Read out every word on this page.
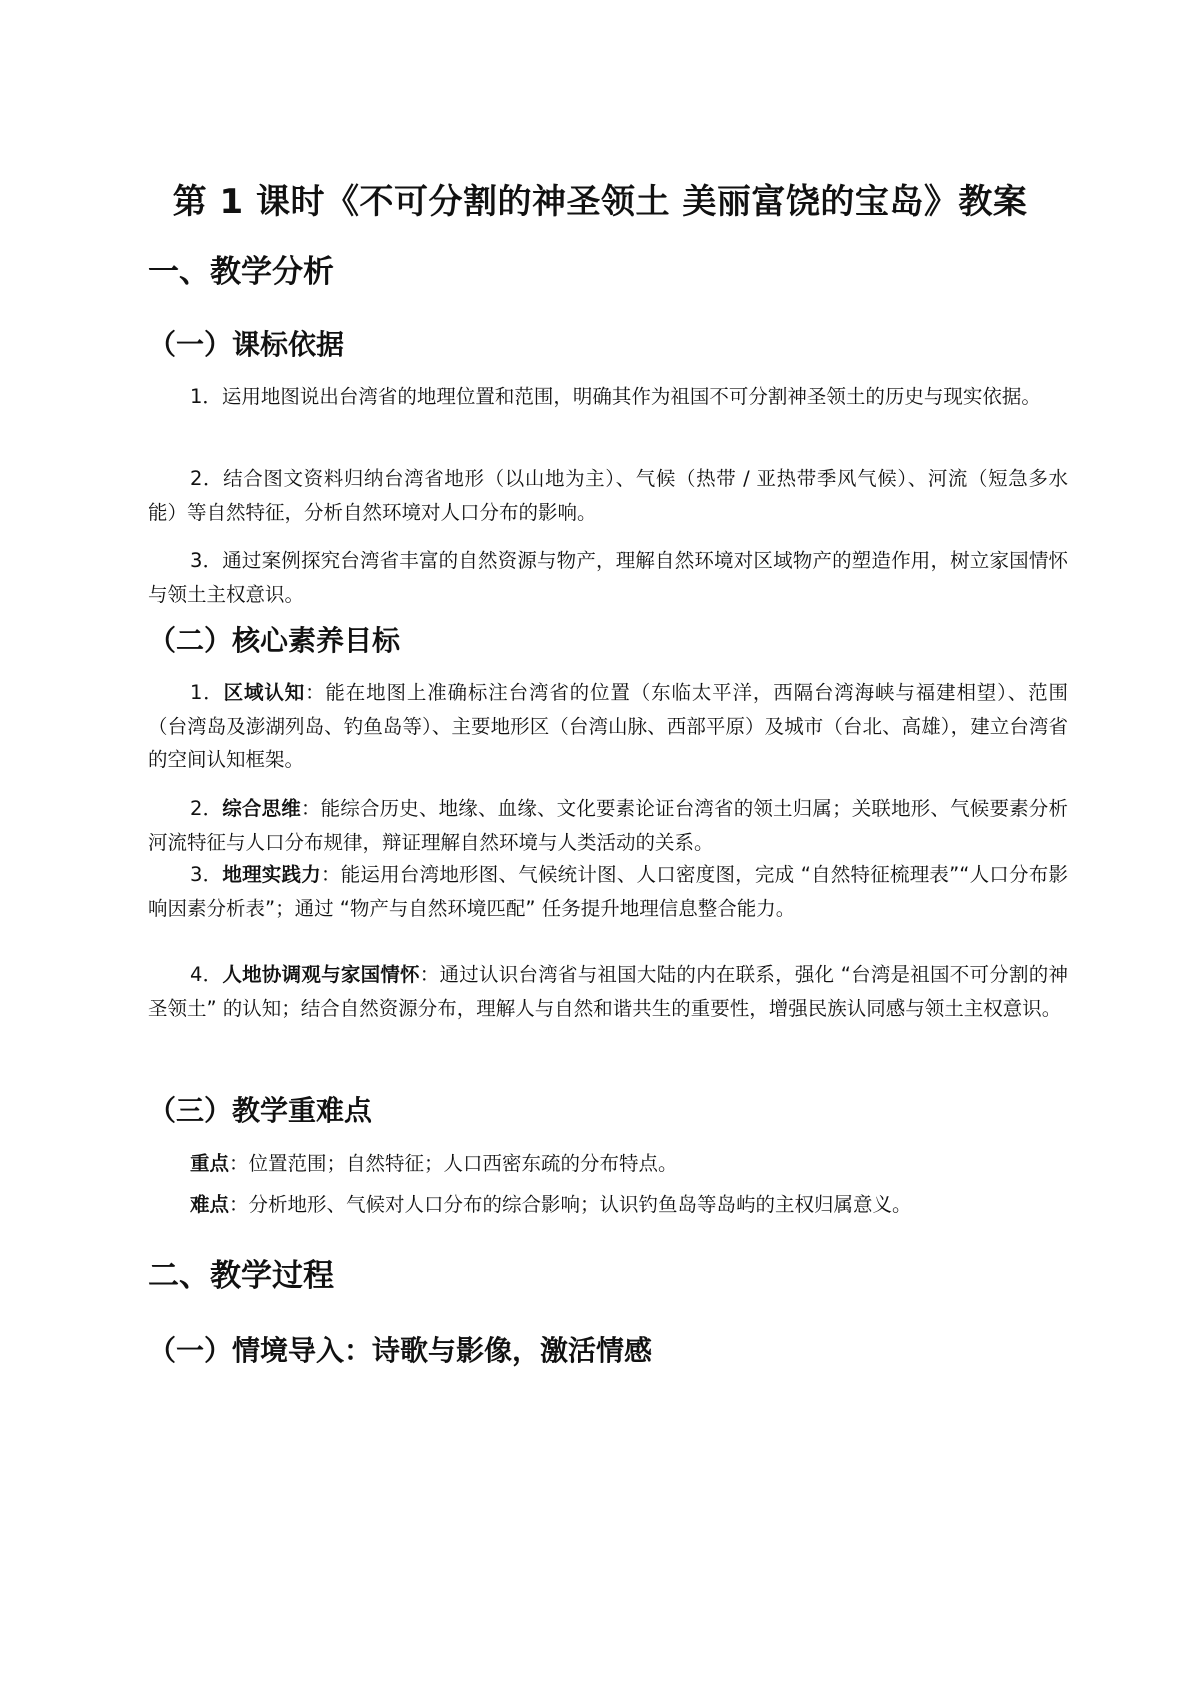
第 1 课时《不可分割的神圣领土 美丽富饶的宝岛》教案
一、教学分析
（一）课标依据

1．运用地图说出台湾省的地理位置和范围，明确其作为祖国不可分割神圣领土的历史与现实依据。

2．结合图文资料归纳台湾省地形（以山地为主）、气候（热带 / 亚热带季风气候）、河流（短急多水能）等自然特征，分析自然环境对人口分布的影响。

3．通过案例探究台湾省丰富的自然资源与物产，理解自然环境对区域物产的塑造作用，树立家国情怀与领土主权意识。

（二）核心素养目标

1．区域认知：能在地图上准确标注台湾省的位置（东临太平洋，西隔台湾海峡与福建相望）、范围（台湾岛及澎湖列岛、钓鱼岛等）、主要地形区（台湾山脉、西部平原）及城市（台北、高雄），建立台湾省的空间认知框架。

2．综合思维：能综合历史、地缘、血缘、文化要素论证台湾省的领土归属；关联地形、气候要素分析河流特征与人口分布规律，辩证理解自然环境与人类活动的关系。

3．地理实践力：能运用台湾地形图、气候统计图、人口密度图，完成 “自然特征梳理表”“人口分布影响因素分析表”；通过 “物产与自然环境匹配” 任务提升地理信息整合能力。

4．人地协调观与家国情怀：通过认识台湾省与祖国大陆的内在联系，强化 “台湾是祖国不可分割的神圣领土” 的认知；结合自然资源分布，理解人与自然和谐共生的重要性，增强民族认同感与领土主权意识。

（三）教学重难点

重点：位置范围；自然特征；人口西密东疏的分布特点。

难点：分析地形、气候对人口分布的综合影响；认识钓鱼岛等岛屿的主权归属意义。

二、教学过程
（一）情境导入：诗歌与影像，激活情感
